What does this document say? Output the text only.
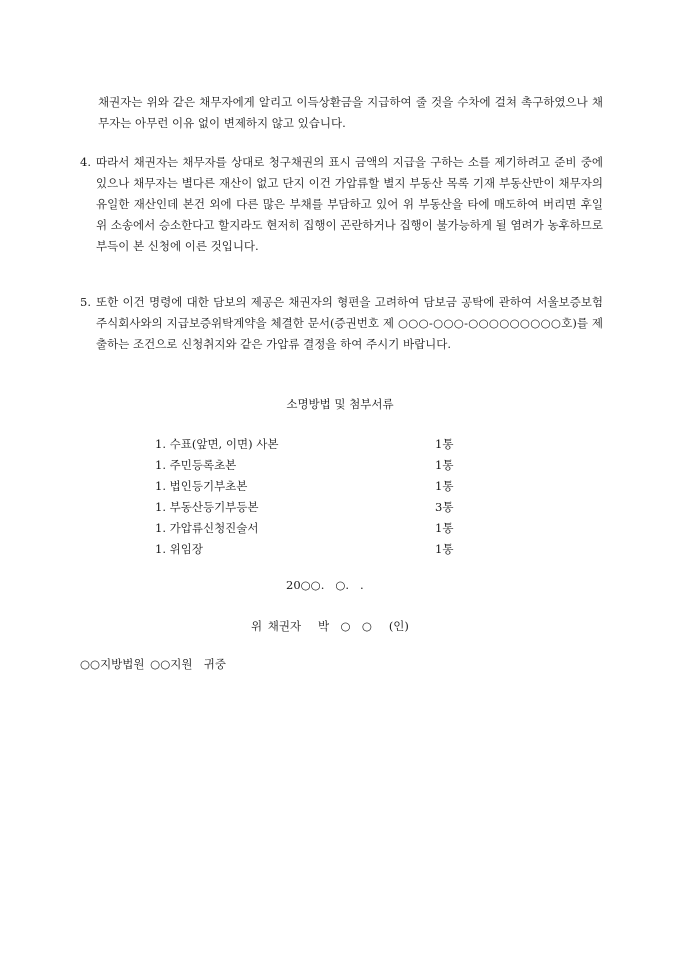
채권자는 위와 같은 채무자에게 알리고 이득상환금을 지급하여 줄 것을 수차에 걸쳐 촉구하였으나 채무자는 아무런 이유 없이 변제하지 않고 있습니다.
4. 따라서 채권자는 채무자를 상대로 청구채권의 표시 금액의 지급을 구하는 소를 제기하려고 준비 중에 있으나 채무자는 별다른 재산이 없고 단지 이건 가압류할 별지 부동산 목록 기재 부동산만이 채무자의 유일한 재산인데 본건 외에 다른 많은 부채를 부담하고 있어 위 부동산을 타에 매도하여 버리면 후일 위 소송에서 승소한다고 할지라도 현저히 집행이 곤란하거나 집행이 불가능하게 될 염려가 농후하므로 부득이 본 신청에 이른 것입니다.
5. 또한 이건 명령에 대한 담보의 제공은 채권자의 형편을 고려하여 담보금 공탁에 관하여 서울보증보험주식회사와의 지급보증위탁계약을 체결한 문서(증권번호 제 ○○○-○○○-○○○○○○○○○호)를 제출하는 조건으로 신청취지와 같은 가압류 결정을 하여 주시기 바랍니다.
소명방법 및 첨부서류
1. 수표(앞면, 이면) 사본	1통
1. 주민등록초본	1통
1. 법인등기부초본	1통
1. 부동산등기부등본	3통
1. 가압류신청진술서	1통
1. 위임장	1통
20○○.   ○.   .
위 채권자   박  ○  ○   (인)
○○지방법원 ○○지원  귀중
